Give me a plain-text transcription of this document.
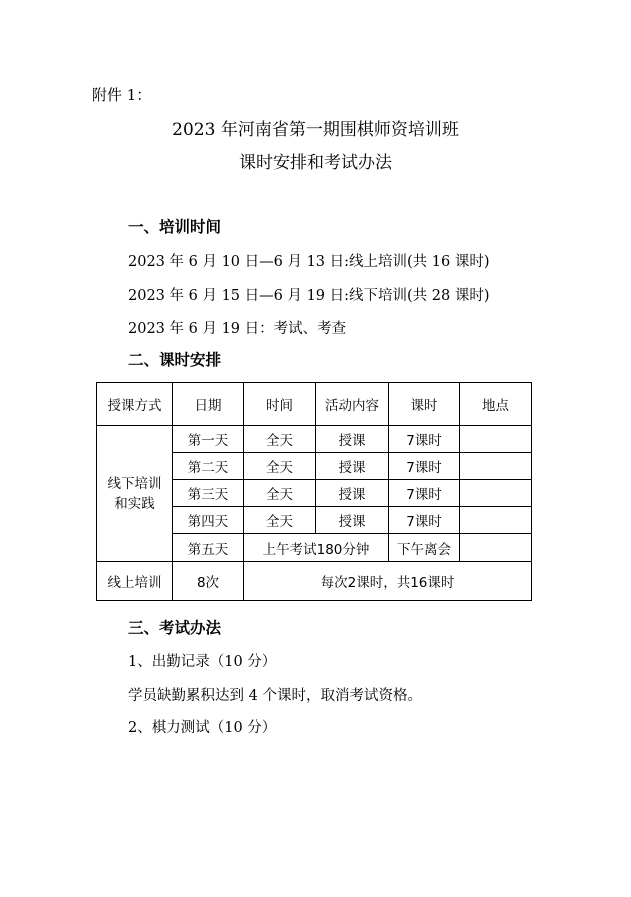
附件 1：
2023 年河南省第一期围棋师资培训班
课时安排和考试办法
一、培训时间
2023 年 6 月 10 日—6 月 13 日:线上培训(共 16 课时)
2023 年 6 月 15 日—6 月 19 日:线下培训(共 28 课时)
2023 年 6 月 19 日：考试、考查
二、课时安排
授课方式	日期	时间	活动内容	课时	地点
线下培训和实践	第一天	全天	授课	7课时	
	第二天	全天	授课	7课时	
	第三天	全天	授课	7课时	
	第四天	全天	授课	7课时	
	第五天	上午考试180分钟		下午离会	
线上培训	8次	每次2课时，共16课时			
三、考试办法
1、出勤记录（10 分）
学员缺勤累积达到 4 个课时，取消考试资格。
2、棋力测试（10 分）
